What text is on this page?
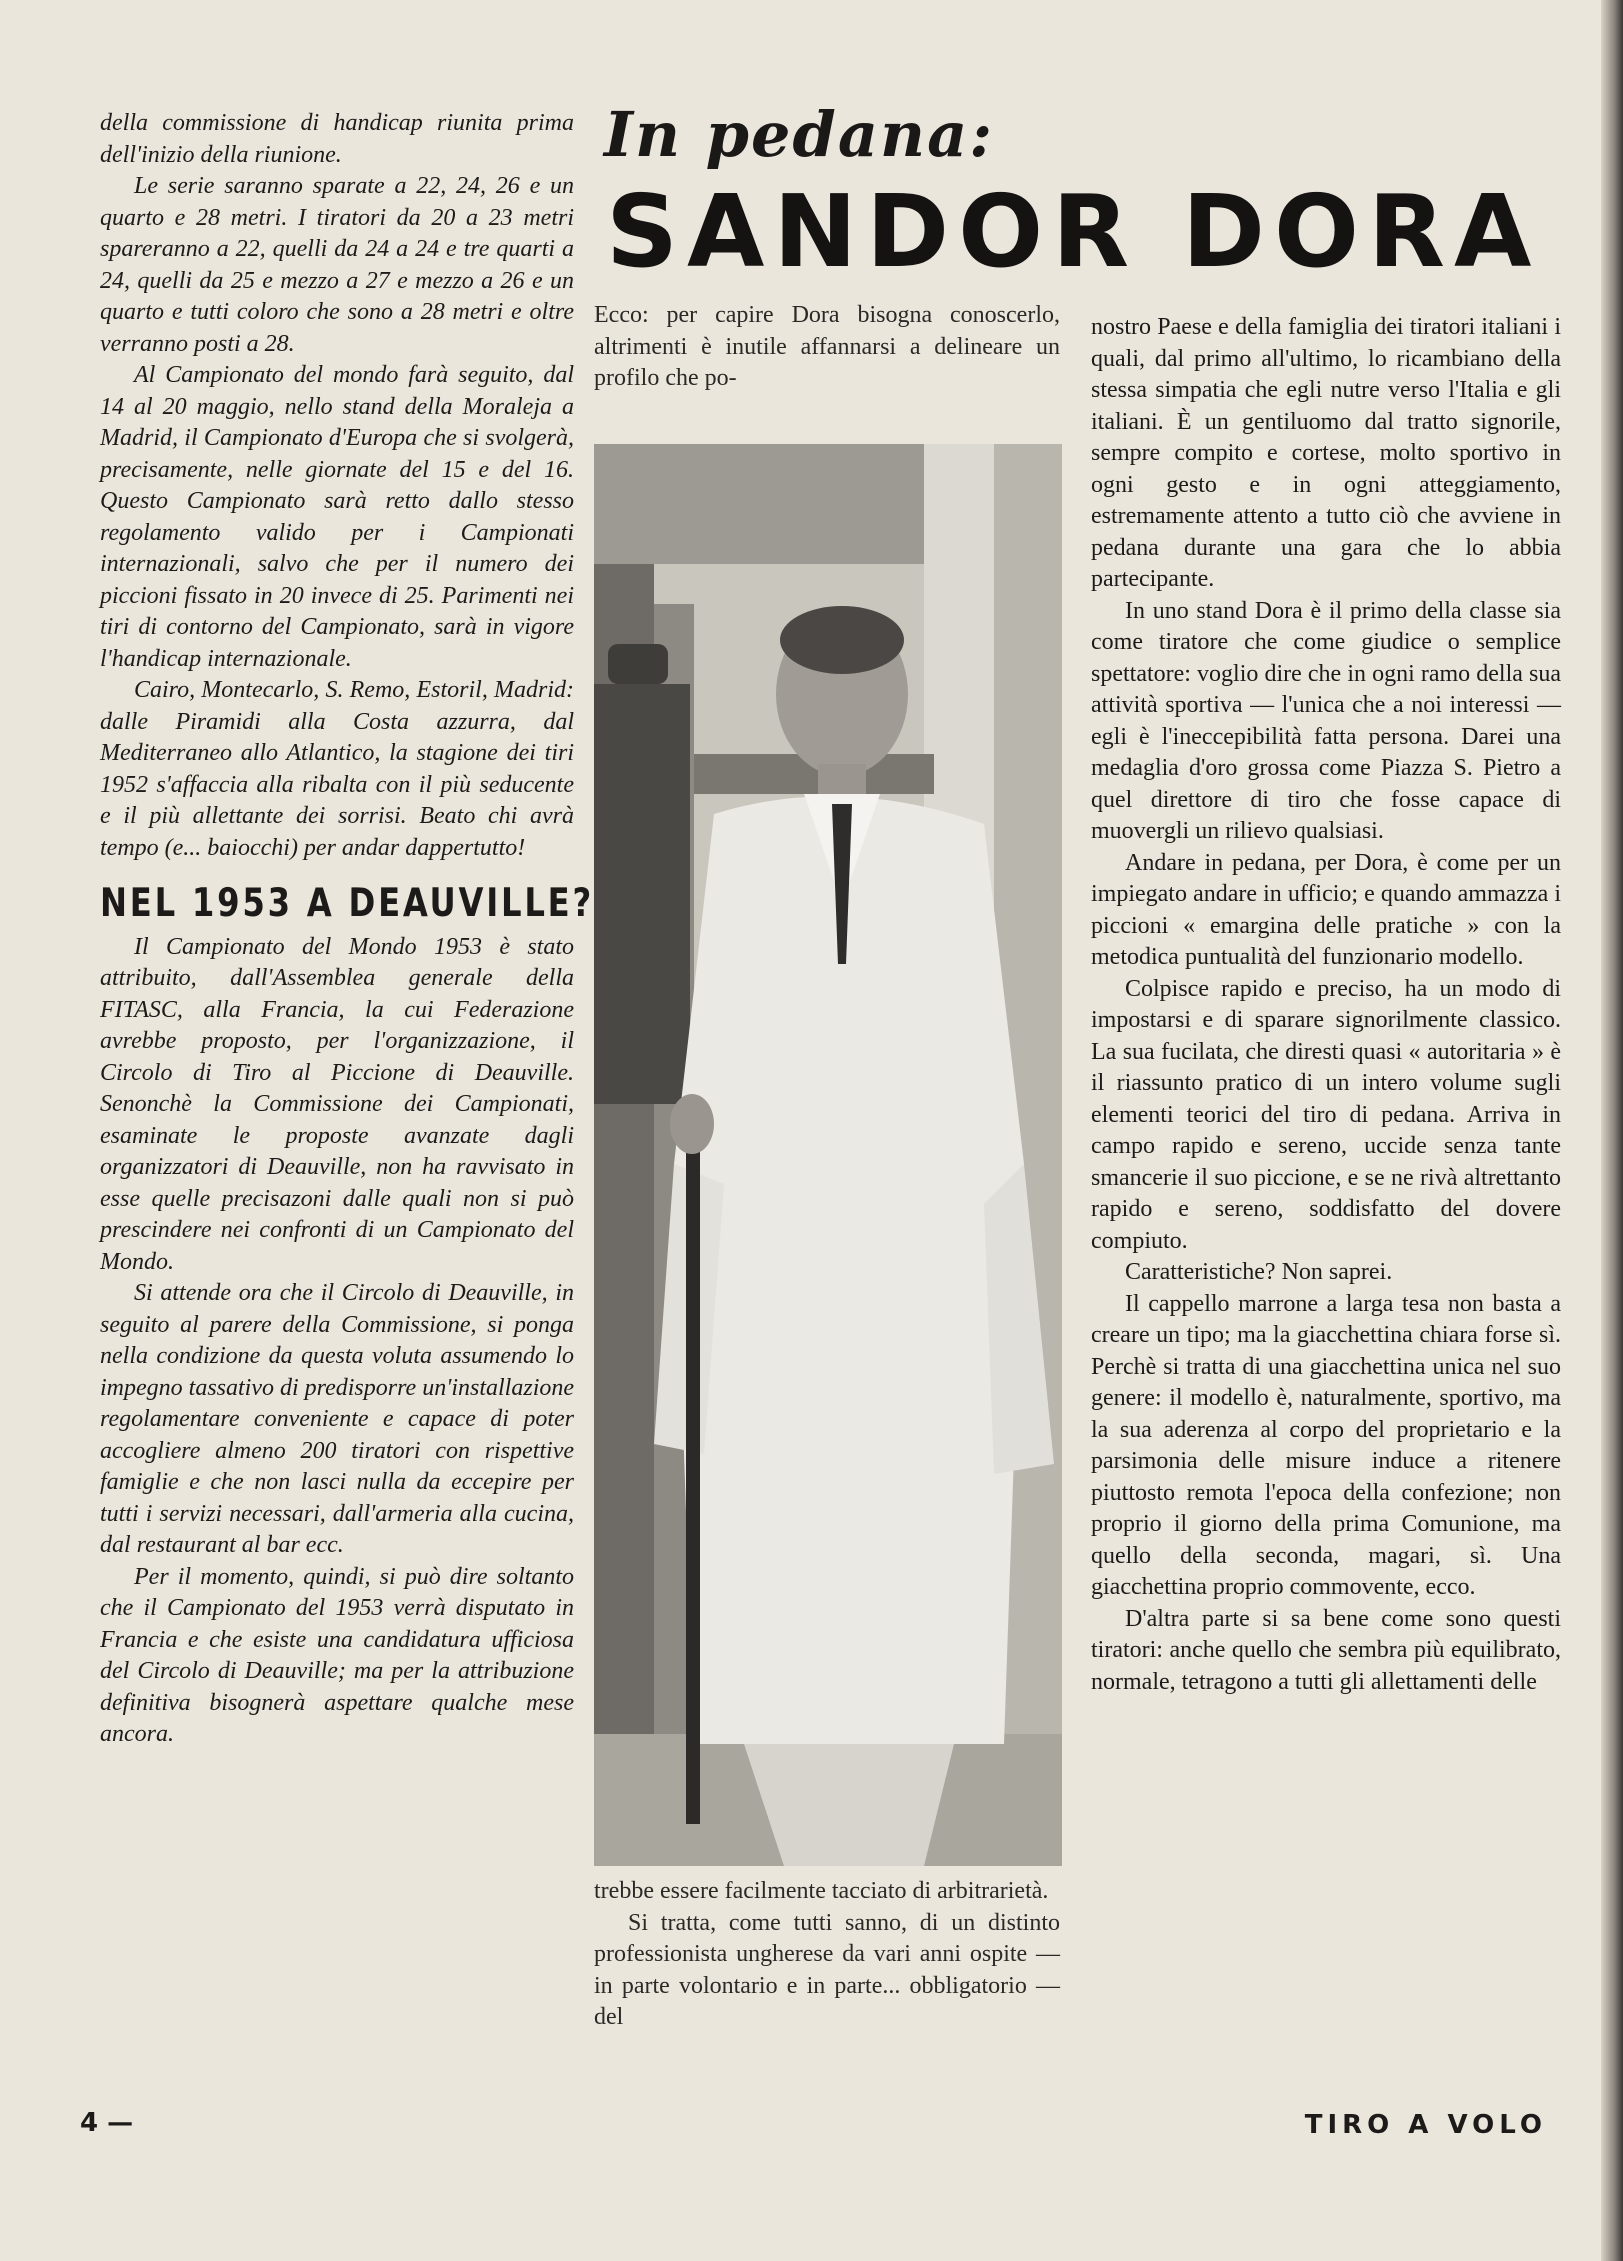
della commissione di handicap riunita prima dell'inizio della riunione.

Le serie saranno sparate a 22, 24, 26 e un quarto e 28 metri. I tiratori da 20 a 23 metri spareranno a 22, quelli da 24 a 24 e tre quarti a 24, quelli da 25 e mezzo a 27 e mezzo a 26 e un quarto e tutti coloro che sono a 28 metri e oltre verranno posti a 28.

Al Campionato del mondo farà seguito, dal 14 al 20 maggio, nello stand della Moraleja a Madrid, il Campionato d'Europa che si svolgerà, precisamente, nelle giornate del 15 e del 16. Questo Campionato sarà retto dallo stesso regolamento valido per i Campionati internazionali, salvo che per il numero dei piccioni fissato in 20 invece di 25. Parimenti nei tiri di contorno del Campionato, sarà in vigore l'handicap internazionale.

Cairo, Montecarlo, S. Remo, Estoril, Madrid: dalle Piramidi alla Costa azzurra, dal Mediterraneo allo Atlantico, la stagione dei tiri 1952 s'affaccia alla ribalta con il più seducente e il più allettante dei sorrisi. Beato chi avrà tempo (e... baiocchi) per andar dappertutto!

NEL 1953 A DEAUVILLE?

Il Campionato del Mondo 1953 è stato attribuito, dall'Assemblea generale della FITASC, alla Francia, la cui Federazione avrebbe proposto, per l'organizzazione, il Circolo di Tiro al Piccione di Deauville. Senonchè la Commissione dei Campionati, esaminate le proposte avanzate dagli organizzatori di Deauville, non ha ravvisato in esse quelle precisazoni dalle quali non si può prescindere nei confronti di un Campionato del Mondo.

Si attende ora che il Circolo di Deauville, in seguito al parere della Commissione, si ponga nella condizione da questa voluta assumendo lo impegno tassativo di predisporre un'installazione regolamentare conveniente e capace di poter accogliere almeno 200 tiratori con rispettive famiglie e che non lasci nulla da eccepire per tutti i servizi necessari, dall'armeria alla cucina, dal restaurant al bar ecc.

Per il momento, quindi, si può dire soltanto che il Campionato del 1953 verrà disputato in Francia e che esiste una candidatura ufficiosa del Circolo di Deauville; ma per la attribuzione definitiva bisognerà aspettare qualche mese ancora.

In pedana:
SANDOR DORA

Ecco: per capire Dora bisogna conoscerlo, altrimenti è inutile affannarsi a delineare un profilo che po-

trebbe essere facilmente tacciato di arbitrarietà.

Si tratta, come tutti sanno, di un distinto professionista ungherese da vari anni ospite — in parte volontario e in parte... obbligatorio — del

nostro Paese e della famiglia dei tiratori italiani i quali, dal primo all'ultimo, lo ricambiano della stessa simpatia che egli nutre verso l'Italia e gli italiani. È un gentiluomo dal tratto signorile, sempre compito e cortese, molto sportivo in ogni gesto e in ogni atteggiamento, estremamente attento a tutto ciò che avviene in pedana durante una gara che lo abbia partecipante.

In uno stand Dora è il primo della classe sia come tiratore che come giudice o semplice spettatore: voglio dire che in ogni ramo della sua attività sportiva — l'unica che a noi interessi — egli è l'ineccepibilità fatta persona. Darei una medaglia d'oro grossa come Piazza S. Pietro a quel direttore di tiro che fosse capace di muovergli un rilievo qualsiasi.

Andare in pedana, per Dora, è come per un impiegato andare in ufficio; e quando ammazza i piccioni « emargina delle pratiche » con la metodica puntualità del funzionario modello.

Colpisce rapido e preciso, ha un modo di impostarsi e di sparare signorilmente classico. La sua fucilata, che diresti quasi « autoritaria » è il riassunto pratico di un intero volume sugli elementi teorici del tiro di pedana. Arriva in campo rapido e sereno, uccide senza tante smancerie il suo piccione, e se ne rivà altrettanto rapido e sereno, soddisfatto del dovere compiuto.

Caratteristiche? Non saprei.

Il cappello marrone a larga tesa non basta a creare un tipo; ma la giacchettina chiara forse sì. Perchè si tratta di una giacchettina unica nel suo genere: il modello è, naturalmente, sportivo, ma la sua aderenza al corpo del proprietario e la parsimonia delle misure induce a ritenere piuttosto remota l'epoca della confezione; non proprio il giorno della prima Comunione, ma quello della seconda, magari, sì. Una giacchettina proprio commovente, ecco.

D'altra parte si sa bene come sono questi tiratori: anche quello che sembra più equilibrato, normale, tetragono a tutti gli allettamenti delle

4 —	TIRO A VOLO
